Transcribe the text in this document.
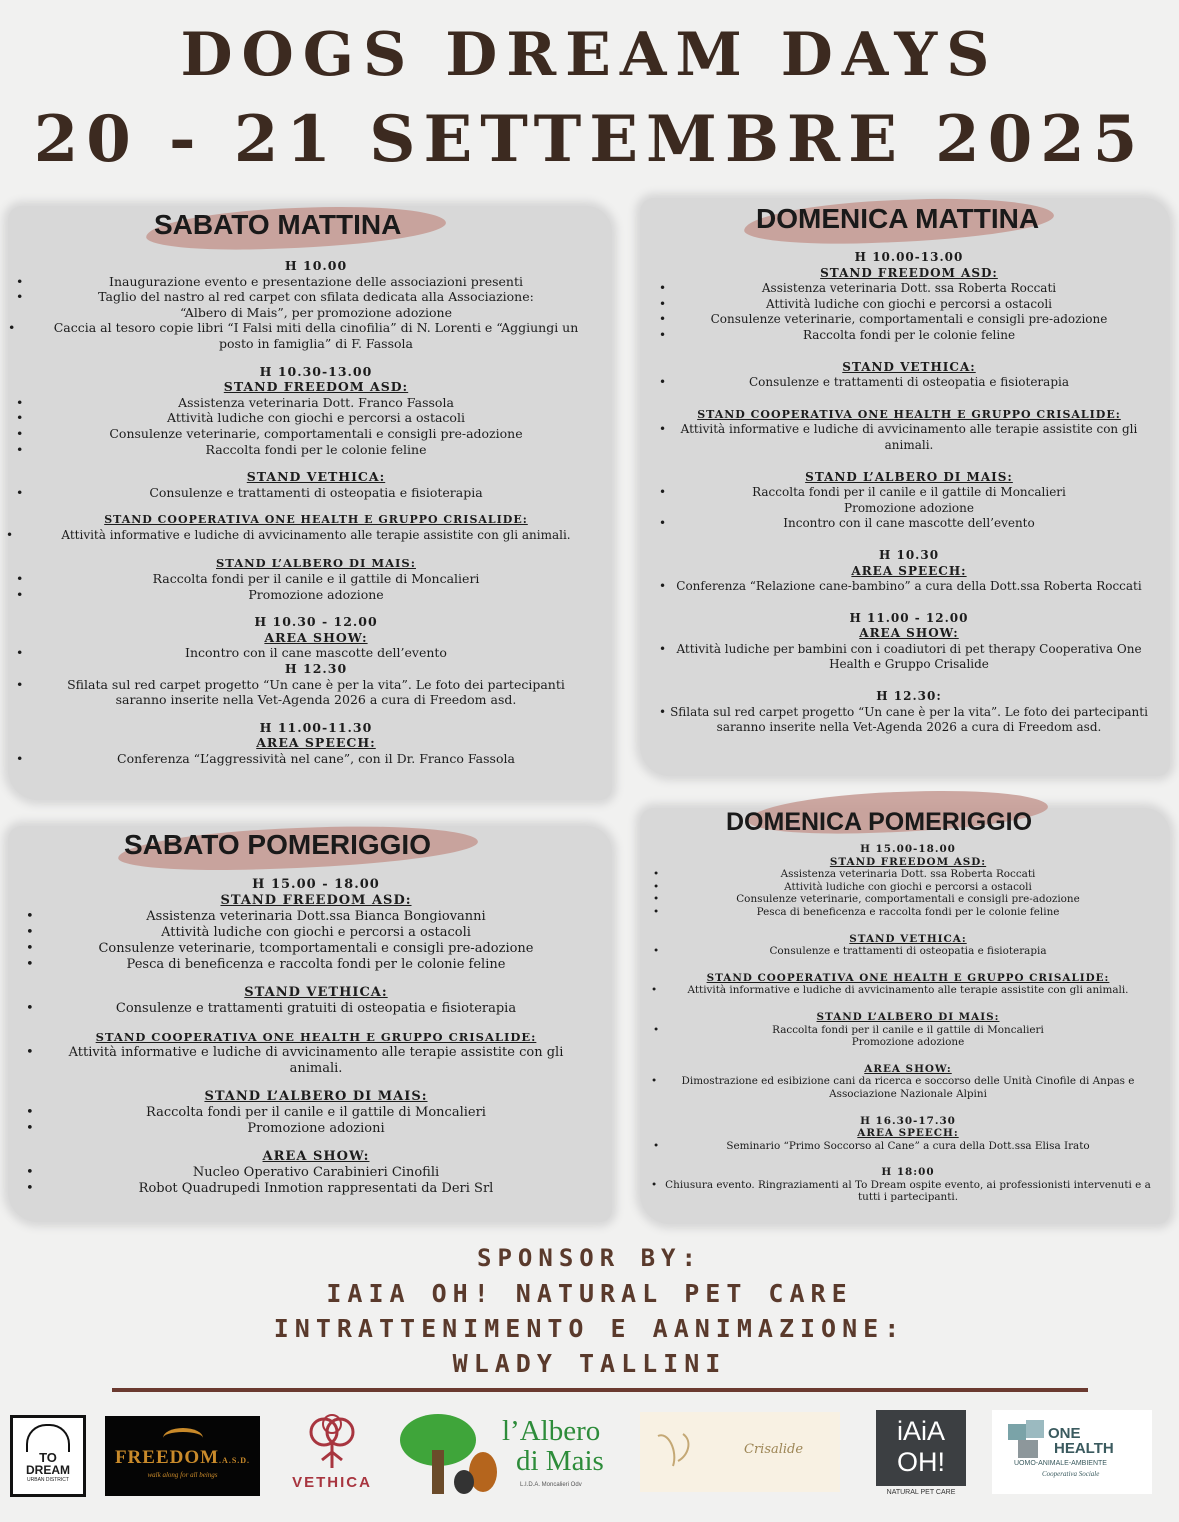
DOGS DREAM DAYS
20 - 21 SETTEMBRE 2025
SABATO MATTINA
H 10.00
• Inaugurazione evento e presentazione delle associazioni presenti
• Taglio del nastro al red carpet con sfilata dedicata alla Associazione:
“Albero di Mais”, per promozione adozione
• Caccia al tesoro copie libri “I Falsi miti della cinofilia” di N. Lorenti e “Aggiungi un
posto in famiglia” di F. Fassola
H 10.30-13.00
STAND FREEDOM ASD:
• Assistenza veterinaria Dott. Franco Fassola
• Attività ludiche con giochi e percorsi a ostacoli
• Consulenze veterinarie, comportamentali e consigli pre-adozione
• Raccolta fondi per le colonie feline
STAND VETHICA:
• Consulenze e trattamenti di osteopatia e fisioterapia
STAND COOPERATIVA ONE HEALTH E GRUPPO CRISALIDE:
• Attività informative e ludiche di avvicinamento alle terapie assistite con gli animali.
STAND L’ALBERO DI MAIS:
• Raccolta fondi per il canile e il gattile di Moncalieri
• Promozione adozione
H 10.30 - 12.00
AREA SHOW:
• Incontro con il cane mascotte dell’evento
H 12.30
• Sfilata sul red carpet progetto “Un cane è per la vita”. Le foto dei partecipanti
saranno inserite nella Vet-Agenda 2026 a cura di Freedom asd.
H 11.00-11.30
AREA SPEECH:
• Conferenza “L’aggressività nel cane”, con il Dr. Franco Fassola
SABATO POMERIGGIO
H 15.00 - 18.00
STAND FREEDOM ASD:
• Assistenza veterinaria Dott.ssa Bianca Bongiovanni
• Attività ludiche con giochi e percorsi a ostacoli
• Consulenze veterinarie, tcomportamentali e consigli pre-adozione
• Pesca di beneficenza e raccolta fondi per le colonie feline
STAND VETHICA:
• Consulenze e trattamenti gratuiti di osteopatia e fisioterapia
STAND COOPERATIVA ONE HEALTH E GRUPPO CRISALIDE:
• Attività informative e ludiche di avvicinamento alle terapie assistite con gli animali.
STAND L’ALBERO DI MAIS:
• Raccolta fondi per il canile e il gattile di Moncalieri
• Promozione adozioni
AREA SHOW:
• Nucleo Operativo Carabinieri Cinofili
• Robot Quadrupedi Inmotion rappresentati da Deri Srl
DOMENICA MATTINA
H 10.00-13.00
STAND FREEDOM ASD:
• Assistenza veterinaria Dott. ssa Roberta Roccati
• Attività ludiche con giochi e percorsi a ostacoli
• Consulenze veterinarie, comportamentali e consigli pre-adozione
• Raccolta fondi per le colonie feline
STAND VETHICA:
• Consulenze e trattamenti di osteopatia e fisioterapia
STAND COOPERATIVA ONE HEALTH E GRUPPO CRISALIDE:
• Attività informative e ludiche di avvicinamento alle terapie assistite con gli animali.
STAND L’ALBERO DI MAIS:
• Raccolta fondi per il canile e il gattile di Moncalieri
Promozione adozione
• Incontro con il cane mascotte dell’evento
H 10.30
AREA SPEECH:
• Conferenza “Relazione cane-bambino” a cura della Dott.ssa Roberta Roccati
H 11.00 - 12.00
AREA SHOW:
• Attività ludiche per bambini con i coadiutori di pet therapy Cooperativa One Health e Gruppo Crisalide
H 12.30:
• Sfilata sul red carpet progetto “Un cane è per la vita”. Le foto dei partecipanti saranno inserite nella Vet-Agenda 2026 a cura di Freedom asd.
DOMENICA POMERIGGIO
H 15.00-18.00
STAND FREEDOM ASD:
• Assistenza veterinaria Dott. ssa Roberta Roccati
• Attività ludiche con giochi e percorsi a ostacoli
• Consulenze veterinarie, comportamentali e consigli pre-adozione
• Pesca di beneficenza e raccolta fondi per le colonie feline
STAND VETHICA:
• Consulenze e trattamenti di osteopatia e fisioterapia
STAND COOPERATIVA ONE HEALTH E GRUPPO CRISALIDE:
• Attività informative e ludiche di avvicinamento alle terapie assistite con gli animali.
STAND L’ALBERO DI MAIS:
• Raccolta fondi per il canile e il gattile di Moncalieri
Promozione adozione
AREA SHOW:
• Dimostrazione ed esibizione cani da ricerca e soccorso delle Unità Cinofile di Anpas e Associazione Nazionale Alpini
H 16.30-17.30
AREA SPEECH:
• Seminario “Primo Soccorso al Cane” a cura della Dott.ssa Elisa Irato
H 18:00
• Chiusura evento. Ringraziamenti al To Dream ospite evento, ai professionisti intervenuti e a tutti i partecipanti.
SPONSOR BY:
IAIA OH! NATURAL PET CARE
INTRATTENIMENTO E AANIMAZIONE:
WLADY TALLINI
TO
DREAM
URBAN DISTRICT
FREEDOM.A.S.D.
walk along for all beings	VETHICA
l’Albero
di Mais
L.I.D.A. Moncalieri Odv
Crisalide
iAiA
OH!
NATURAL PET CARE
ONE
HEALTH
UOMO-ANIMALE-AMBIENTE
Cooperativa Sociale
